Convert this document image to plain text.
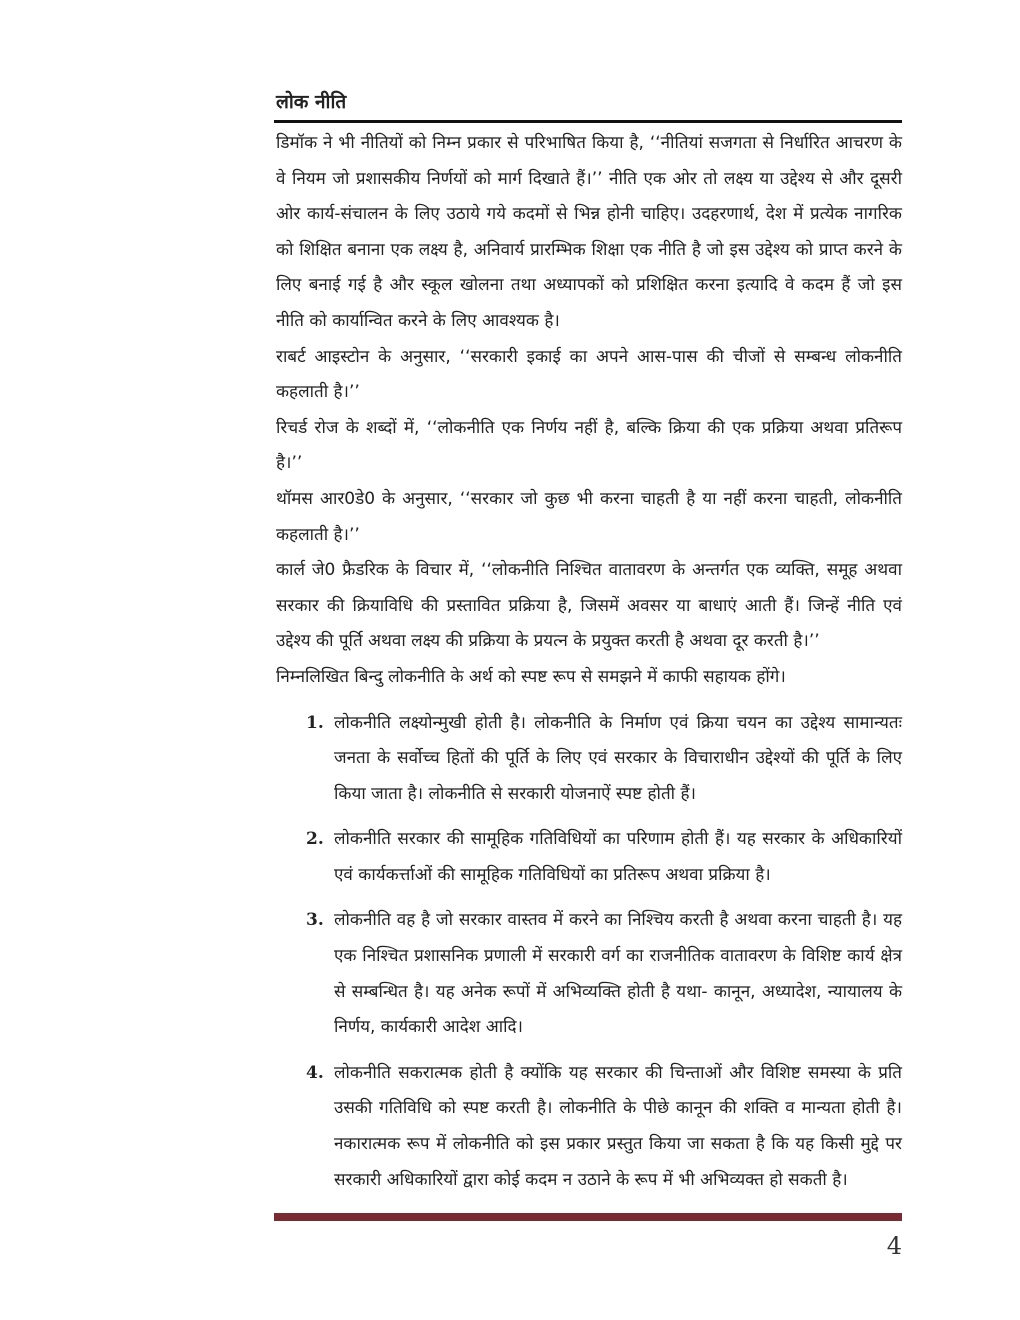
लोक नीति

डिमॉक ने भी नीतियों को निम्न प्रकार से परिभाषित किया है, ‘‘नीतियां सजगता से निर्धारित आचरण के वे नियम जो प्रशासकीय निर्णयों को मार्ग दिखाते हैं।’’ नीति एक ओर तो लक्ष्य या उद्देश्य से और दूसरी ओर कार्य-संचालन के लिए उठाये गये कदमों से भिन्न होनी चाहिए। उदहरणार्थ, देश में प्रत्येक नागरिक को शिक्षित बनाना एक लक्ष्य है, अनिवार्य प्रारम्भिक शिक्षा एक नीति है जो इस उद्देश्य को प्राप्त करने के लिए बनाई गई है और स्कूल खोलना तथा अध्यापकों को प्रशिक्षित करना इत्यादि वे कदम हैं जो इस नीति को कार्यान्वित करने के लिए आवश्यक है।

राबर्ट आइस्टोन के अनुसार, ‘‘सरकारी इकाई का अपने आस-पास की चीजों से सम्बन्ध लोकनीति कहलाती है।’’

रिचर्ड रोज के शब्दों में, ‘‘लोकनीति एक निर्णय नहीं है, बल्कि क्रिया की एक प्रक्रिया अथवा प्रतिरूप है।’’

थॉमस आर0डे0 के अनुसार, ‘‘सरकार जो कुछ भी करना चाहती है या नहीं करना चाहती, लोकनीति कहलाती है।’’

कार्ल जे0 फ्रैडरिक के विचार में, ‘‘लोकनीति निश्चित वातावरण के अन्तर्गत एक व्यक्ति, समूह अथवा सरकार की क्रियाविधि की प्रस्तावित प्रक्रिया है, जिसमें अवसर या बाधाएं आती हैं। जिन्हें नीति एवं उद्देश्य की पूर्ति अथवा लक्ष्य की प्रक्रिया के प्रयत्न के प्रयुक्त करती है अथवा दूर करती है।’’

निम्नलिखित बिन्दु लोकनीति के अर्थ को स्पष्ट रूप से समझने में काफी सहायक होंगे।

1. लोकनीति लक्ष्योन्मुखी होती है। लोकनीति के निर्माण एवं क्रिया चयन का उद्देश्य सामान्यतः जनता के सर्वोच्च हितों की पूर्ति के लिए एवं सरकार के विचाराधीन उद्देश्यों की पूर्ति के लिए किया जाता है। लोकनीति से सरकारी योजनाऐं स्पष्ट होती हैं।
2. लोकनीति सरकार की सामूहिक गतिविधियों का परिणाम होती हैं। यह सरकार के अधिकारियों एवं कार्यकर्त्ताओं की सामूहिक गतिविधियों का प्रतिरूप अथवा प्रक्रिया है।
3. लोकनीति वह है जो सरकार वास्तव में करने का निश्चिय करती है अथवा करना चाहती है। यह एक निश्चित प्रशासनिक प्रणाली में सरकारी वर्ग का राजनीतिक वातावरण के विशिष्ट कार्य क्षेत्र से सम्बन्धित है। यह अनेक रूपों में अभिव्यक्ति होती है यथा- कानून, अध्यादेश, न्यायालय के निर्णय, कार्यकारी आदेश आदि।
4. लोकनीति सकरात्मक होती है क्योंकि यह सरकार की चिन्ताओं और विशिष्ट समस्या के प्रति उसकी गतिविधि को स्पष्ट करती है। लोकनीति के पीछे कानून की शक्ति व मान्यता होती है। नकारात्मक रूप में लोकनीति को इस प्रकार प्रस्तुत किया जा सकता है कि यह किसी मुद्दे पर सरकारी अधिकारियों द्वारा कोई कदम न उठाने के रूप में भी अभिव्यक्त हो सकती है।
4
